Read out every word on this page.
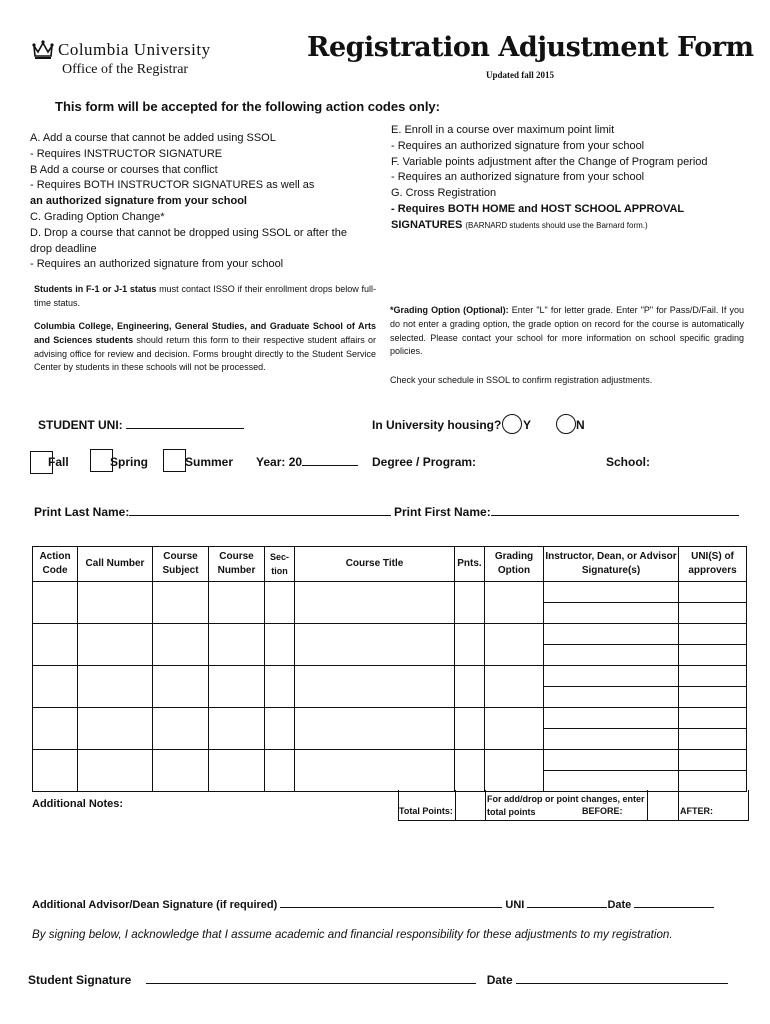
Columbia University
Office of the Registrar
Registration Adjustment Form
Updated fall 2015
This form will be accepted for the following action codes only:
A. Add a course that cannot be added using SSOL
- Requires INSTRUCTOR SIGNATURE
B Add a course or courses that conflict
- Requires BOTH INSTRUCTOR SIGNATURES as well as
an authorized signature from your school
C. Grading Option Change*
D. Drop a course that cannot be dropped using SSOL or after the
drop deadline
- Requires an authorized signature from your school
E. Enroll in a course over maximum point limit
- Requires an authorized signature from your school
F. Variable points adjustment after the Change of Program period
- Requires an authorized signature from your school
G. Cross Registration
- Requires BOTH HOME and HOST SCHOOL APPROVAL
SIGNATURES (BARNARD students should use the Barnard form.)

Students in F-1 or J-1 status must contact ISSO if their enrollment drops below full-time status.

Columbia College, Engineering, General Studies, and Graduate School of Arts and Sciences students should return this form to their respective student affairs or advising office for review and decision. Forms brought directly to the Student Service Center by students in these schools will not be processed.

*Grading Option (Optional): Enter "L" for letter grade. Enter "P" for Pass/D/Fail. If you do not enter a grading option, the grade option on record for the course is automatically selected. Please contact your school for more information on school specific grading policies.

Check your schedule in SSOL to confirm registration adjustments.
STUDENT UNI:	In University housing? Y	N
Fall	Spring	Summer Year: 20	Degree / Program:	School:
Print Last Name:	Print First Name:
Action Code	Call Number	Course Subject	Course Number	Sec-tion	Course Title	Pnts.	Grading Option	Instructor, Dean, or Advisor Signature(s)	UNI(S) of approvers

Additional Notes:
Total Points:
For add/drop or point changes, enter total points	BEFORE:	AFTER:
Additional Advisor/Dean Signature (if required)	UNI	Date
By signing below, I acknowledge that I assume academic and financial responsibility for these adjustments to my registration.
Student Signature	Date
